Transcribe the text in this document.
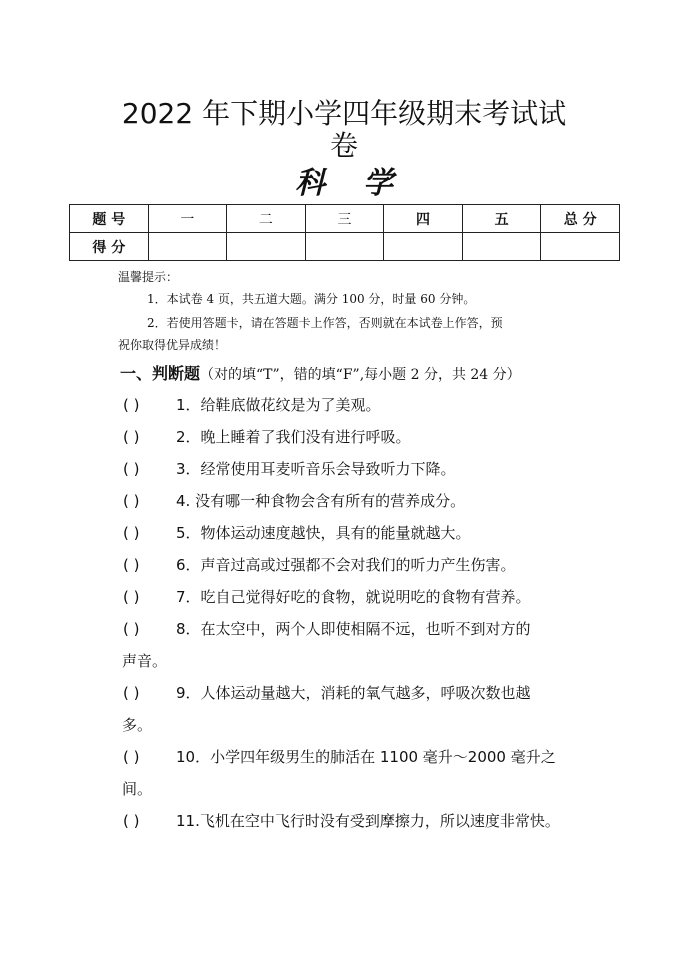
2022 年下期小学四年级期末考试试
卷
科学
题 号	一	二	三	四	五	总 分
得 分						
温馨提示：
1．本试卷 4 页，共五道大题。满分 100 分，时量 60 分钟。
2．若使用答题卡，请在答题卡上作答，否则就在本试卷上作答，预
祝你取得优异成绩！
一、判断题（对的填“T”，错的填“F”,每小题 2 分，共 24 分）
( ) 1．给鞋底做花纹是为了美观。
( ) 2．晚上睡着了我们没有进行呼吸。
( ) 3．经常使用耳麦听音乐会导致听力下降。
( ) 4. 没有哪一种食物会含有所有的营养成分。
( ) 5．物体运动速度越快，具有的能量就越大。
( ) 6．声音过高或过强都不会对我们的听力产生伤害。
( ) 7．吃自己觉得好吃的食物，就说明吃的食物有营养。
( ) 8．在太空中，两个人即使相隔不远，也听不到对方的
声音。
( ) 9．人体运动量越大，消耗的氧气越多，呼吸次数也越
多。
( ) 10．小学四年级男生的肺活在 1100 毫升～2000 毫升之
间。
( ) 11.飞机在空中飞行时没有受到摩擦力，所以速度非常快。
